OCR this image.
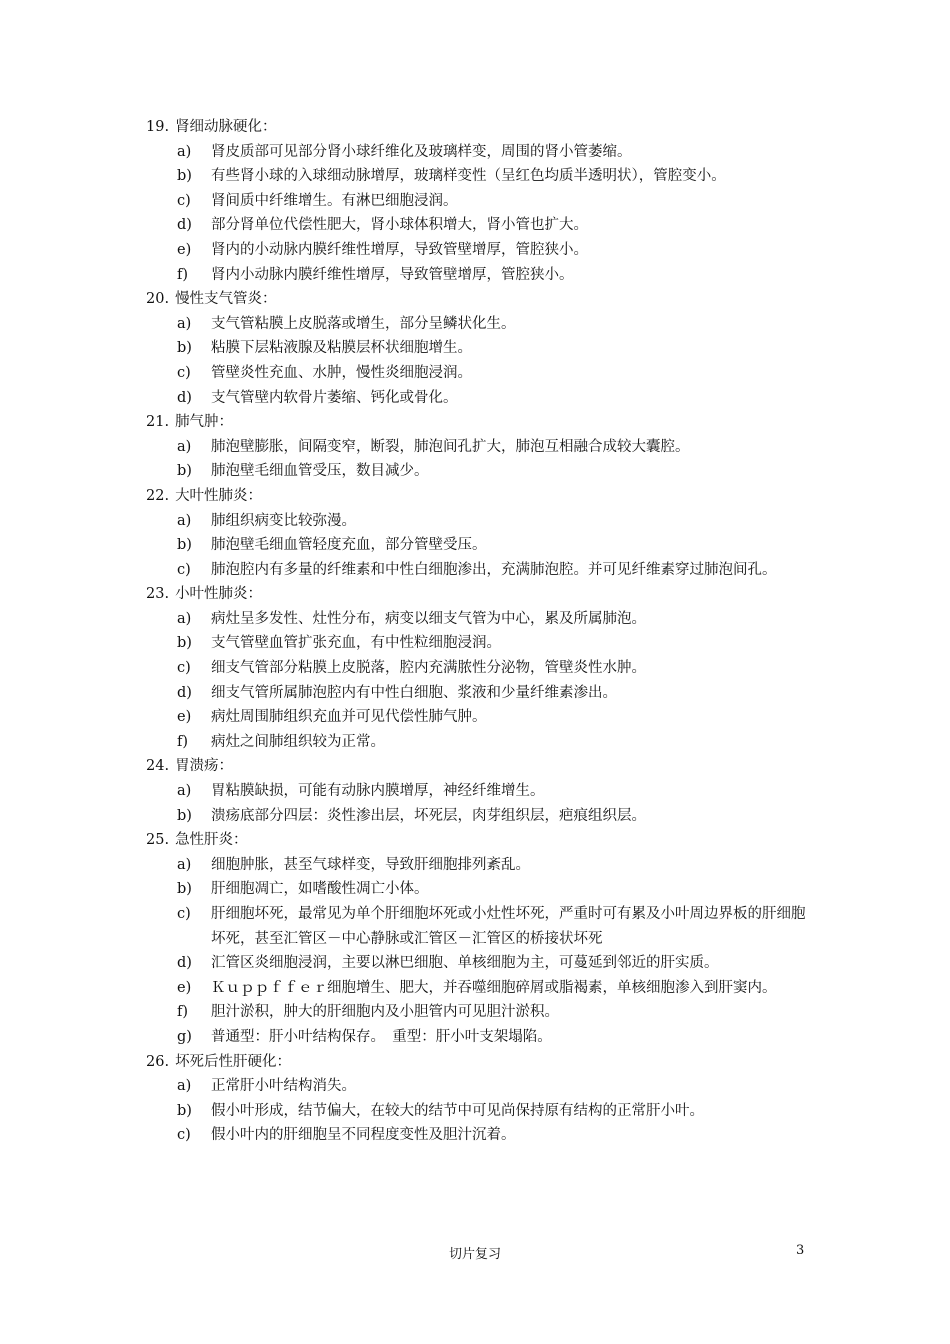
19. 肾细动脉硬化：
a)	肾皮质部可见部分肾小球纤维化及玻璃样变，周围的肾小管萎缩。
b)	有些肾小球的入球细动脉增厚，玻璃样变性（呈红色均质半透明状），管腔变小。
c)	肾间质中纤维增生。有淋巴细胞浸润。
d)	部分肾单位代偿性肥大，肾小球体积增大，肾小管也扩大。
e)	肾内的小动脉内膜纤维性增厚，导致管壁增厚，管腔狭小。
f)	肾内小动脉内膜纤维性增厚，导致管壁增厚，管腔狭小。
20. 慢性支气管炎：
a)	支气管粘膜上皮脱落或增生，部分呈鳞状化生。
b)	粘膜下层粘液腺及粘膜层杯状细胞增生。
c)	管壁炎性充血、水肿，慢性炎细胞浸润。
d)	支气管壁内软骨片萎缩、钙化或骨化。
21. 肺气肿：
a)	肺泡壁膨胀，间隔变窄，断裂，肺泡间孔扩大，肺泡互相融合成较大囊腔。
b)	肺泡壁毛细血管受压，数目减少。
22. 大叶性肺炎：
a)	肺组织病变比较弥漫。
b)	肺泡壁毛细血管轻度充血，部分管壁受压。
c)	肺泡腔内有多量的纤维素和中性白细胞渗出，充满肺泡腔。并可见纤维素穿过肺泡间孔。
23. 小叶性肺炎：
a)	病灶呈多发性、灶性分布，病变以细支气管为中心，累及所属肺泡。
b)	支气管壁血管扩张充血，有中性粒细胞浸润。
c)	细支气管部分粘膜上皮脱落，腔内充满脓性分泌物，管壁炎性水肿。
d)	细支气管所属肺泡腔内有中性白细胞、浆液和少量纤维素渗出。
e)	病灶周围肺组织充血并可见代偿性肺气肿。
f)	病灶之间肺组织较为正常。
24. 胃溃疡：
a)	胃粘膜缺损，可能有动脉内膜增厚，神经纤维增生。
b)	溃疡底部分四层：炎性渗出层，坏死层，肉芽组织层，疤痕组织层。
25. 急性肝炎：
a)	细胞肿胀，甚至气球样变，导致肝细胞排列紊乱。
b)	肝细胞凋亡，如嗜酸性凋亡小体。
c)	肝细胞坏死，最常见为单个肝细胞坏死或小灶性坏死，严重时可有累及小叶周边界板的肝细胞坏死，甚至汇管区－中心静脉或汇管区－汇管区的桥接状坏死
d)	汇管区炎细胞浸润，主要以淋巴细胞、单核细胞为主，可蔓延到邻近的肝实质。
e)	Ｋｕｐｐｆｆｅｒ细胞增生、肥大，并吞噬细胞碎屑或脂褐素，单核细胞渗入到肝窦内。
f)	胆汁淤积，肿大的肝细胞内及小胆管内可见胆汁淤积。
g)	普通型：肝小叶结构保存。　重型：肝小叶支架塌陷。
26. 坏死后性肝硬化：
a)	正常肝小叶结构消失。
b)	假小叶形成，结节偏大，在较大的结节中可见尚保持原有结构的正常肝小叶。
c)	假小叶内的肝细胞呈不同程度变性及胆汁沉着。
切片复习	3
